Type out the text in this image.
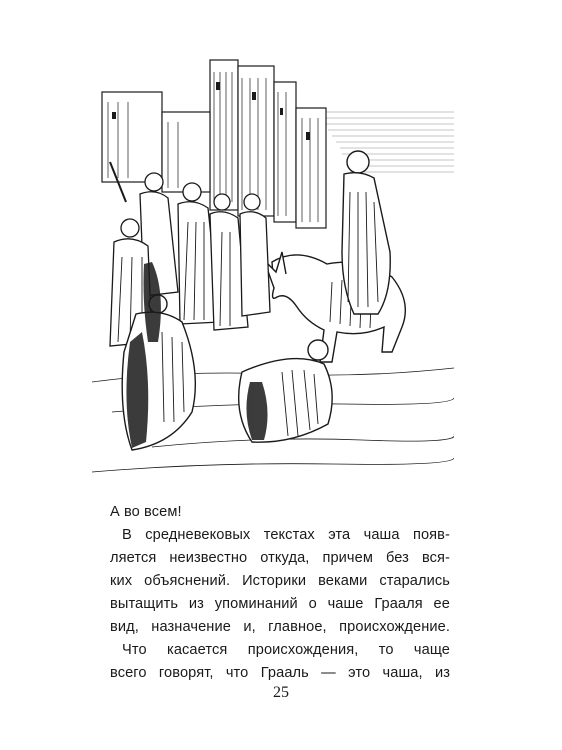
А во всем!
В средневековых текстах эта чаша появ-
ляется неизвестно откуда, причем без вся-
ких объяснений. Историки веками старались
вытащить из упоминаний о чаше Грааля ее
вид, назначение и, главное, происхождение.
Что касается происхождения, то чаще
всего говорят, что Грааль — это чаша, из
25
